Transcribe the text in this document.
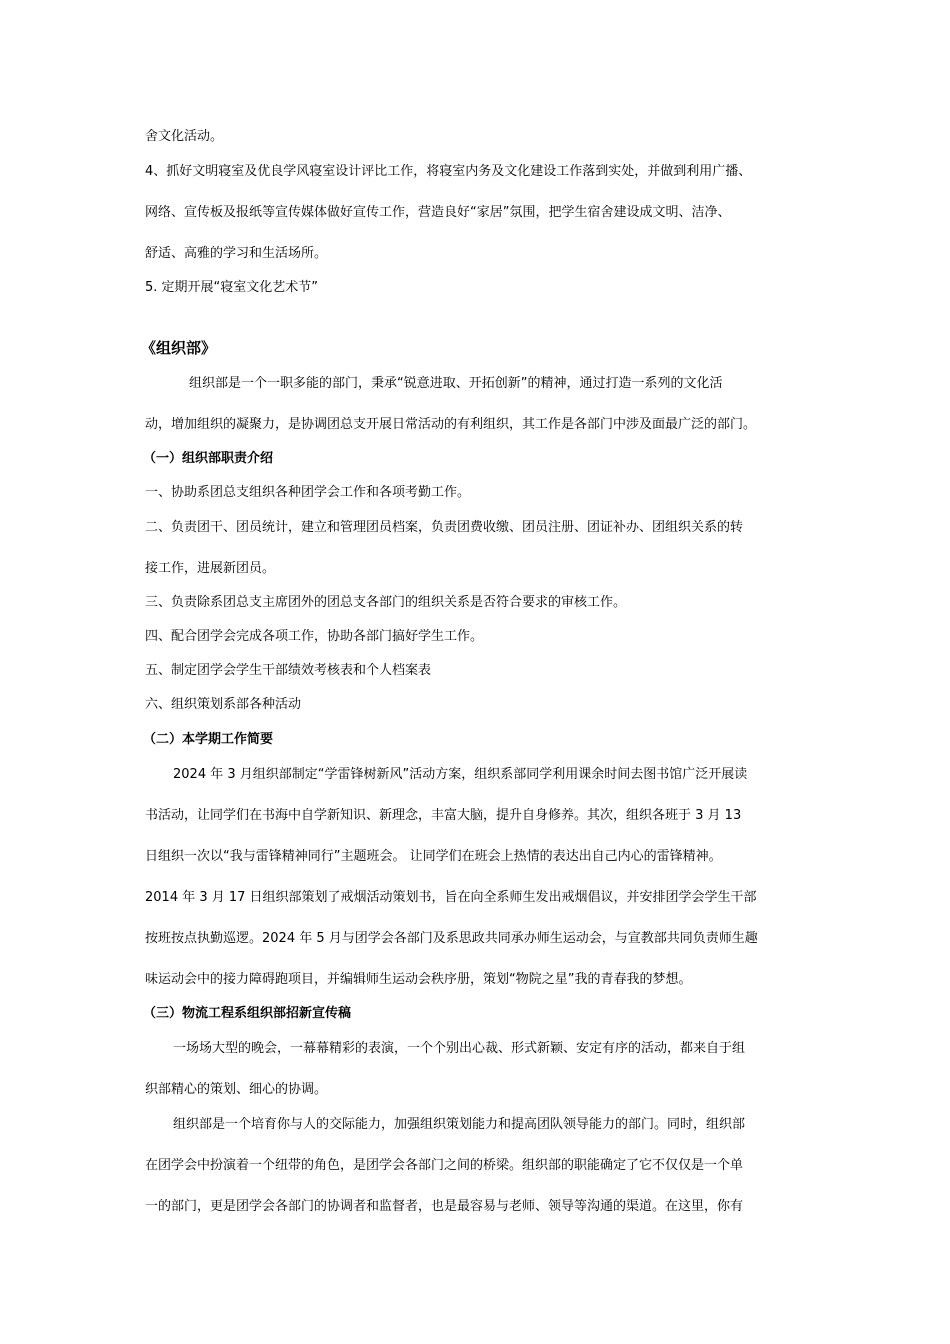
舍文化活动。
4、抓好文明寝室及优良学风寝室设计评比工作，将寝室内务及文化建设工作落到实处，并做到利用广播、
网络、宣传板及报纸等宣传媒体做好宣传工作，营造良好“家居”氛围，把学生宿舍建设成文明、洁净、
舒适、高雅的学习和生活场所。
5. 定期开展“寝室文化艺术节”
《组织部》
组织部是一个一职多能的部门，秉承“锐意进取、开拓创新”的精神，通过打造一系列的文化活
动，增加组织的凝聚力，是协调团总支开展日常活动的有利组织，其工作是各部门中涉及面最广泛的部门。
（一）组织部职责介绍
一、协助系团总支组织各种团学会工作和各项考勤工作。
二、负责团干、团员统计，建立和管理团员档案，负责团费收缴、团员注册、团证补办、团组织关系的转
接工作，进展新团员。
三、负责除系团总支主席团外的团总支各部门的组织关系是否符合要求的审核工作。
四、配合团学会完成各项工作，协助各部门搞好学生工作。
五、制定团学会学生干部绩效考核表和个人档案表
六、组织策划系部各种活动
（二）本学期工作简要
2024 年 3 月组织部制定“学雷锋树新风”活动方案，组织系部同学利用课余时间去图书馆广泛开展读
书活动，让同学们在书海中自学新知识、新理念，丰富大脑，提升自身修养。其次，组织各班于 3 月 13
日组织一次以“我与雷锋精神同行”主题班会。 让同学们在班会上热情的表达出自己内心的雷锋精神。
2014 年 3 月 17 日组织部策划了戒烟活动策划书，旨在向全系师生发出戒烟倡议，并安排团学会学生干部
按班按点执勤巡逻。2024 年 5 月与团学会各部门及系思政共同承办师生运动会，与宣教部共同负责师生趣
味运动会中的接力障碍跑项目，并编辑师生运动会秩序册，策划“物院之星”我的青春我的梦想。
（三）物流工程系组织部招新宣传稿
一场场大型的晚会，一幕幕精彩的表演，一个个别出心裁、形式新颖、安定有序的活动，都来自于组
织部精心的策划、细心的协调。
组织部是一个培育你与人的交际能力，加强组织策划能力和提高团队领导能力的部门。同时，组织部
在团学会中扮演着一个纽带的角色，是团学会各部门之间的桥梁。组织部的职能确定了它不仅仅是一个单
一的部门，更是团学会各部门的协调者和监督者，也是最容易与老师、领导等沟通的渠道。在这里，你有
